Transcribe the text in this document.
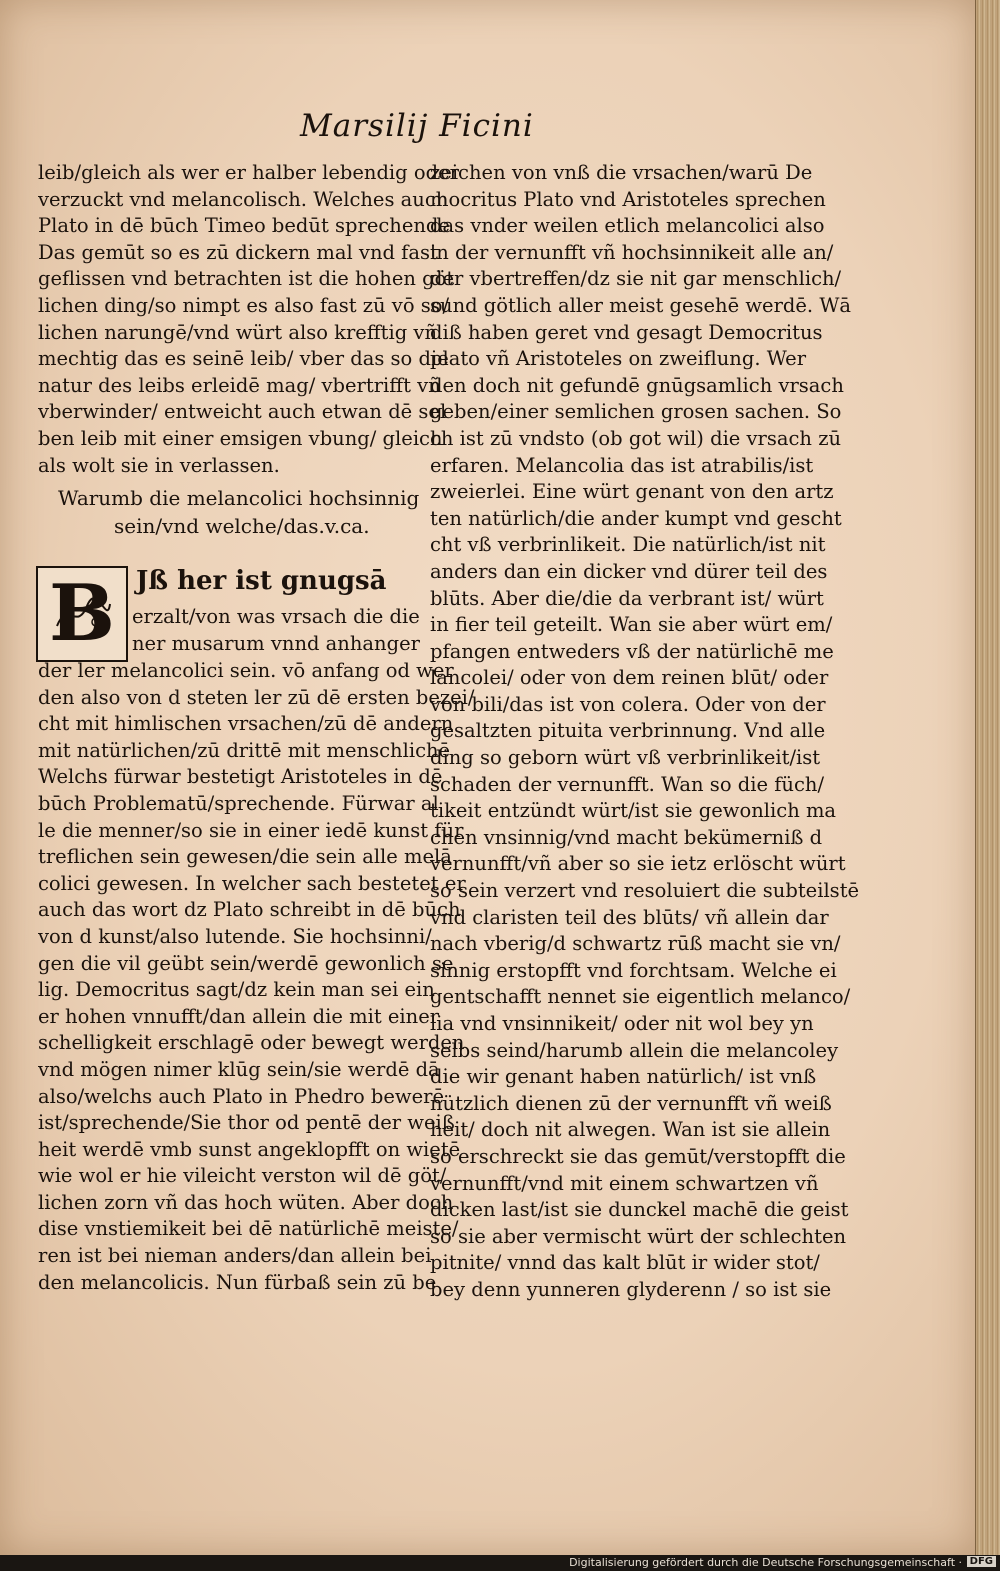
Marsilij Ficini
leib/gleich als wer er halber lebendig oder
verzuckt vnd melancolisch. Welches auch
Plato in dē būch Timeo bedūt sprechende
Das gemūt so es zū dickern mal vnd fast
geflissen vnd betrachten ist die hohen göt
lichen ding/so nimpt es also fast zū vō so/
lichen narungē/vnd würt also krefftig vñ
mechtig das es seinē leib/ vber das so die
natur des leibs erleidē mag/ vbertrifft vñ
vberwinder/ entweicht auch etwan dē sel
ben leib mit einer emsigen vbung/ gleich
als wolt sie in verlassen.
Warumb die melancolici hochsinnig
sein/vnd welche/das.v.ca.
B Jß her ist gnugsā
erzalt/von was vrsach die die
ner musarum vnnd anhanger
der ler melancolici sein. vō anfang od wer
den also von d steten ler zū dē ersten bezei/
cht mit himlischen vrsachen/zū dē andern
mit natürlichen/zū drittē mit menschlichē
Welchs fürwar bestetigt Aristoteles in dē
būch Problematū/sprechende. Fürwar al
le die menner/so sie in einer iedē kunst für
treflichen sein gewesen/die sein alle melā
colici gewesen. In welcher sach bestetet er
auch das wort dz Plato schreibt in dē būch
von d kunst/also lutende. Sie hochsinni/
gen die vil geübt sein/werdē gewonlich se
lig. Democritus sagt/dz kein man sei ein
er hohen vnnufft/dan allein die mit einer
schelligkeit erschlagē oder bewegt werden
vnd mögen nimer klūg sein/sie werdē dā
also/welchs auch Plato in Phedro bewerē
ist/sprechende/Sie thor od pentē der weiß
heit werdē vmb sunst angeklopfft on wietē
wie wol er hie vileicht verston wil dē göt/
lichen zorn vñ das hoch wüten. Aber doch
dise vnstiemikeit bei dē natürlichē meiste/
ren ist bei nieman anders/dan allein bei
den melancolicis. Nun fürbaß sein zū be
zeichen von vnß die vrsachen/warū De
mocritus Plato vnd Aristoteles sprechen
das vnder weilen etlich melancolici also
in der vernunfft vñ hochsinnikeit alle an/
der vbertreffen/dz sie nit gar menschlich/
sund götlich aller meist gesehē werdē. Wā
diß haben geret vnd gesagt Democritus
plato vñ Aristoteles on zweiflung. Wer
den doch nit gefundē gnūgsamlich vrsach
geben/einer semlichen grosen sachen. So
ch ist zū vndsto (ob got wil) die vrsach zū
erfaren. Melancolia das ist atrabilis/ist
zweierlei. Eine würt genant von den artz
ten natürlich/die ander kumpt vnd gescht
cht vß verbrinlikeit. Die natürlich/ist nit
anders dan ein dicker vnd dürer teil des
blūts. Aber die/die da verbrant ist/ würt
in fier teil geteilt. Wan sie aber würt em/
pfangen entweders vß der natürlichē me
lancolei/ oder von dem reinen blūt/ oder
von bili/das ist von colera. Oder von der
gesaltzten pituita verbrinnung. Vnd alle
ding so geborn würt vß verbrinlikeit/ist
schaden der vernunfft. Wan so die füch/
tikeit entzündt würt/ist sie gewonlich ma
chen vnsinnig/vnd macht bekümerniß d
vernunfft/vñ aber so sie ietz erlöscht würt
so sein verzert vnd resoluiert die subteilstē
vnd claristen teil des blūts/ vñ allein dar
nach vberig/d schwartz rūß macht sie vn/
sinnig erstopfft vnd forchtsam. Welche ei
gentschafft nennet sie eigentlich melanco/
lia vnd vnsinnikeit/ oder nit wol bey yn
selbs seind/harumb allein die melancoley
die wir genant haben natürlich/ ist vnß
nützlich dienen zū der vernunfft vñ weiß
heit/ doch nit alwegen. Wan ist sie allein
so erschreckt sie das gemūt/verstopfft die
vernunfft/vnd mit einem schwartzen vñ
dicken last/ist sie dunckel machē die geist
so sie aber vermischt würt der schlechten
pitnite/ vnnd das kalt blūt ir wider stot/
bey denn yunneren glyderenn / so ist sie
Digitalisierung gefördert durch die Deutsche Forschungsgemeinschaft · DFG
